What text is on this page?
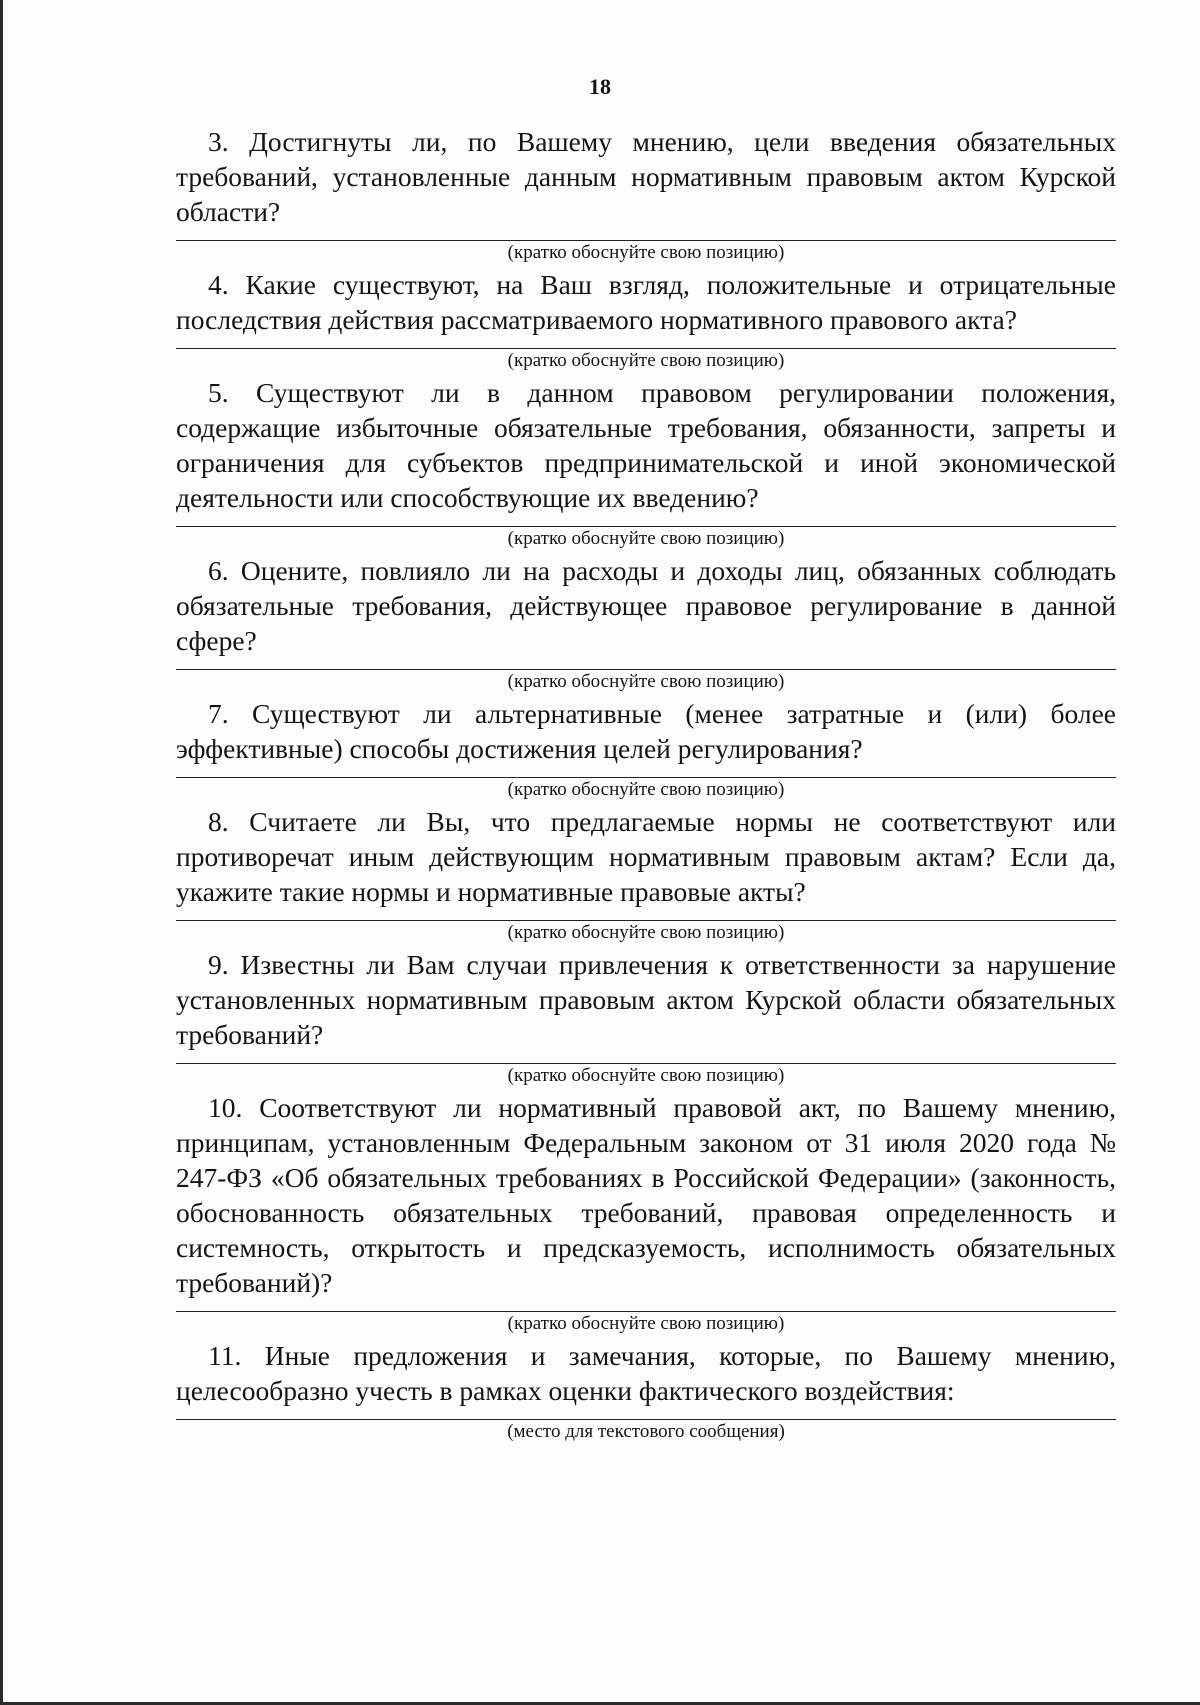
18

3. Достигнуты ли, по Вашему мнению, цели введения обязательных требований, установленные данным нормативным правовым актом Курской области?

(кратко обоснуйте свою позицию)

4. Какие существуют, на Ваш взгляд, положительные и отрицательные последствия действия рассматриваемого нормативного правового акта?

(кратко обоснуйте свою позицию)

5. Существуют ли в данном правовом регулировании положения, содержащие избыточные обязательные требования, обязанности, запреты и ограничения для субъектов предпринимательской и иной экономической деятельности или способствующие их введению?

(кратко обоснуйте свою позицию)

6. Оцените, повлияло ли на расходы и доходы лиц, обязанных соблюдать обязательные требования, действующее правовое регулирование в данной сфере?

(кратко обоснуйте свою позицию)

7. Существуют ли альтернативные (менее затратные и (или) более эффективные) способы достижения целей регулирования?

(кратко обоснуйте свою позицию)

8. Считаете ли Вы, что предлагаемые нормы не соответствуют или противоречат иным действующим нормативным правовым актам? Если да, укажите такие нормы и нормативные правовые акты?

(кратко обоснуйте свою позицию)

9. Известны ли Вам случаи привлечения к ответственности за нарушение установленных нормативным правовым актом Курской области обязательных требований?

(кратко обоснуйте свою позицию)

10. Соответствуют ли нормативный правовой акт, по Вашему мнению, принципам, установленным Федеральным законом от 31 июля 2020 года № 247-ФЗ «Об обязательных требованиях в Российской Федерации» (законность, обоснованность обязательных требований, правовая определенность и системность, открытость и предсказуемость, исполнимость обязательных требований)?

(кратко обоснуйте свою позицию)

11. Иные предложения и замечания, которые, по Вашему мнению, целесообразно учесть в рамках оценки фактического воздействия:

(место для текстового сообщения)
